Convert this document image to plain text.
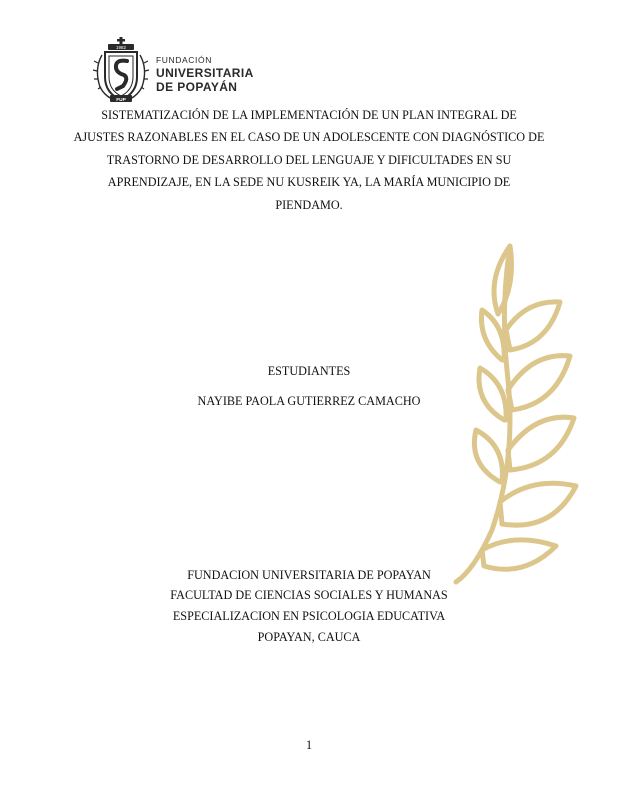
1982
FUP
FUNDACIÓN
UNIVERSITARIA
DE POPAYÁN

SISTEMATIZACIÓN DE LA IMPLEMENTACIÓN DE UN PLAN INTEGRAL DE
AJUSTES RAZONABLES EN EL CASO DE UN ADOLESCENTE CON DIAGNÓSTICO DE
TRASTORNO DE DESARROLLO DEL LENGUAJE Y DIFICULTADES EN SU
APRENDIZAJE, EN LA SEDE NU KUSREIK YA, LA MARÍA MUNICIPIO DE
PIENDAMO.

ESTUDIANTES
NAYIBE PAOLA GUTIERREZ CAMACHO
FUNDACION UNIVERSITARIA DE POPAYAN
FACULTAD DE CIENCIAS SOCIALES Y HUMANAS
ESPECIALIZACION EN PSICOLOGIA EDUCATIVA
POPAYAN, CAUCA
1
